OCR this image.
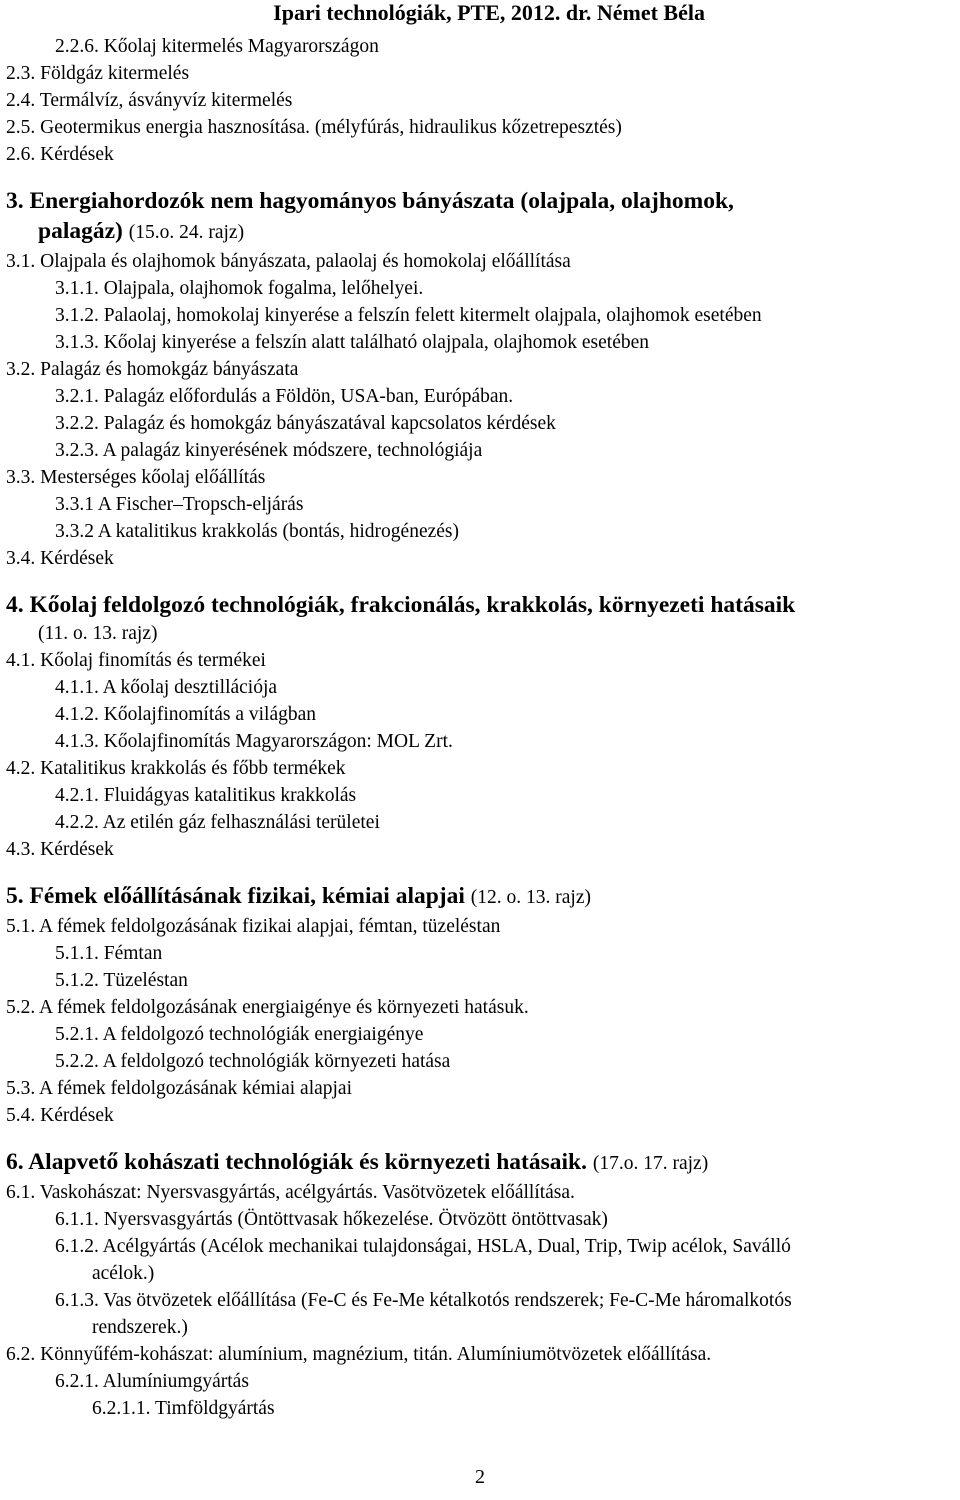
Ipari technológiák, PTE, 2012. dr. Német Béla
2.2.6. Kőolaj kitermelés Magyarországon
2.3. Földgáz kitermelés
2.4. Termálvíz, ásványvíz kitermelés
2.5. Geotermikus energia hasznosítása. (mélyfúrás, hidraulikus kőzetrepesztés)
2.6. Kérdések
3. Energiahordozók nem hagyományos bányászata (olajpala, olajhomok,
palagáz) (15.o. 24. rajz)
3.1. Olajpala és olajhomok bányászata, palaolaj és homokolaj előállítása
3.1.1. Olajpala, olajhomok fogalma, lelőhelyei.
3.1.2. Palaolaj, homokolaj kinyerése a felszín felett kitermelt olajpala, olajhomok esetében
3.1.3. Kőolaj kinyerése a felszín alatt található olajpala, olajhomok esetében
3.2. Palagáz és homokgáz bányászata
3.2.1. Palagáz előfordulás a Földön, USA-ban, Európában.
3.2.2. Palagáz és homokgáz bányászatával kapcsolatos kérdések
3.2.3. A palagáz kinyerésének módszere, technológiája
3.3. Mesterséges kőolaj előállítás
3.3.1 A Fischer–Tropsch-eljárás
3.3.2 A katalitikus krakkolás (bontás, hidrogénezés)
3.4. Kérdések
4. Kőolaj feldolgozó technológiák, frakcionálás, krakkolás, környezeti hatásaik
(11. o. 13. rajz)
4.1. Kőolaj finomítás és termékei
4.1.1. A kőolaj desztillációja
4.1.2. Kőolajfinomítás a világban
4.1.3. Kőolajfinomítás Magyarországon: MOL Zrt.
4.2. Katalitikus krakkolás és főbb termékek
4.2.1. Fluidágyas katalitikus krakkolás
4.2.2. Az etilén gáz felhasználási területei
4.3. Kérdések
5. Fémek előállításának fizikai, kémiai alapjai (12. o. 13. rajz)
5.1. A fémek feldolgozásának fizikai alapjai, fémtan, tüzeléstan
5.1.1. Fémtan
5.1.2. Tüzeléstan
5.2. A fémek feldolgozásának energiaigénye és környezeti hatásuk.
5.2.1. A feldolgozó technológiák energiaigénye
5.2.2. A feldolgozó technológiák környezeti hatása
5.3. A fémek feldolgozásának kémiai alapjai
5.4. Kérdések
6. Alapvető kohászati technológiák és környezeti hatásaik. (17.o. 17. rajz)
6.1. Vaskohászat: Nyersvasgyártás, acélgyártás. Vasötvözetek előállítása.
6.1.1. Nyersvasgyártás (Öntöttvasak hőkezelése. Ötvözött öntöttvasak)
6.1.2. Acélgyártás (Acélok mechanikai tulajdonságai, HSLA, Dual, Trip, Twip acélok, Saválló
acélok.)
6.1.3. Vas ötvözetek előállítása (Fe-C és Fe-Me kétalkotós rendszerek; Fe-C-Me háromalkotós
rendszerek.)
6.2. Könnyűfém-kohászat: alumínium, magnézium, titán. Alumíniumötvözetek előállítása.
6.2.1. Alumíniumgyártás
6.2.1.1. Timföldgyártás
2
